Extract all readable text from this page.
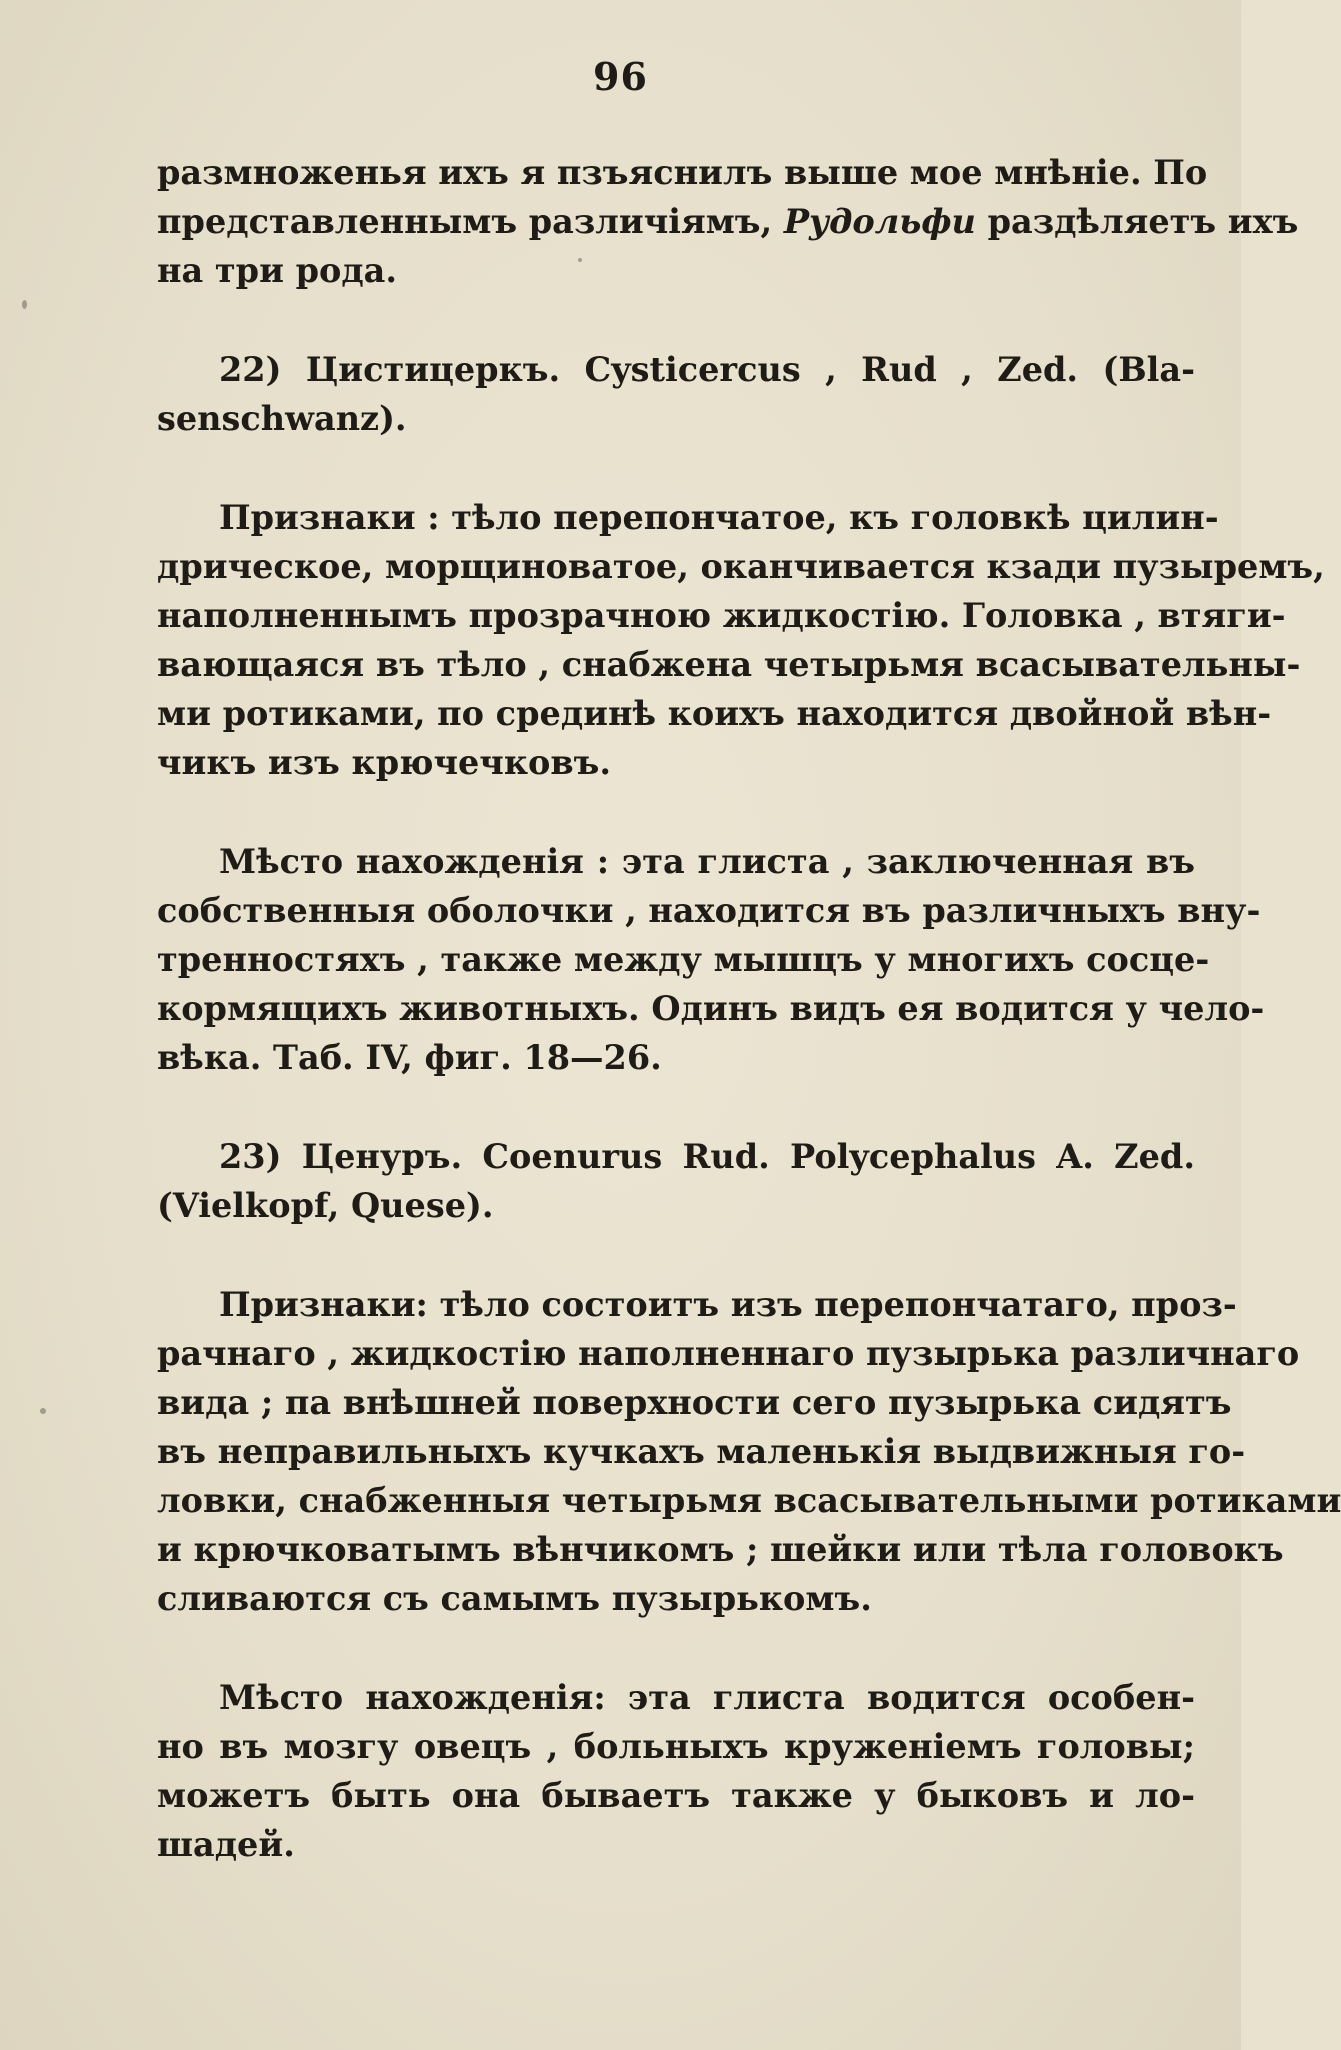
96
размноженья ихъ я пзъяснилъ выше мое мнѣніе. По
представленнымъ различіямъ, Рудольфи раздѣляетъ ихъ
на три рода.
22) Цистицеркъ. Cysticercus , Rud , Zed. (Bla-
senschwanz).
Признаки : тѣло перепончатое, къ головкѣ цилин-
дрическое, морщиноватое, оканчивается кзади пузыремъ,
наполненнымъ прозрачною жидкостію. Головка , втяги-
вающаяся въ тѣло , снабжена четырьмя всасывательны-
ми ротиками, по срединѣ коихъ находится двойной вѣн-
чикъ изъ крючечковъ.
Мѣсто нахожденія : эта глиста , заключенная въ
собственныя оболочки , находится въ различныхъ вну-
тренностяхъ , также между мышцъ у многихъ сосце-
кормящихъ животныхъ. Одинъ видъ ея водится у чело-
вѣка. Таб. IV, фиг. 18—26.
23) Ценуръ. Coenurus Rud. Polycephalus A. Zed.
(Vielkopf, Quese).
Признаки: тѣло состоитъ изъ перепончатаго, проз-
рачнаго , жидкостію наполненнаго пузырька различнаго
вида ; па внѣшней поверхности сего пузырька сидятъ
въ неправильныхъ кучкахъ маленькія выдвижныя го-
ловки, снабженныя четырьмя всасывательными ротиками
и крючковатымъ вѣнчикомъ ; шейки или тѣла головокъ
сливаются съ самымъ пузырькомъ.
Мѣсто нахожденія: эта глиста водится особен-
но въ мозгу овецъ , больныхъ круженіемъ головы;
можетъ быть она бываетъ также у быковъ и ло-
шадей.
